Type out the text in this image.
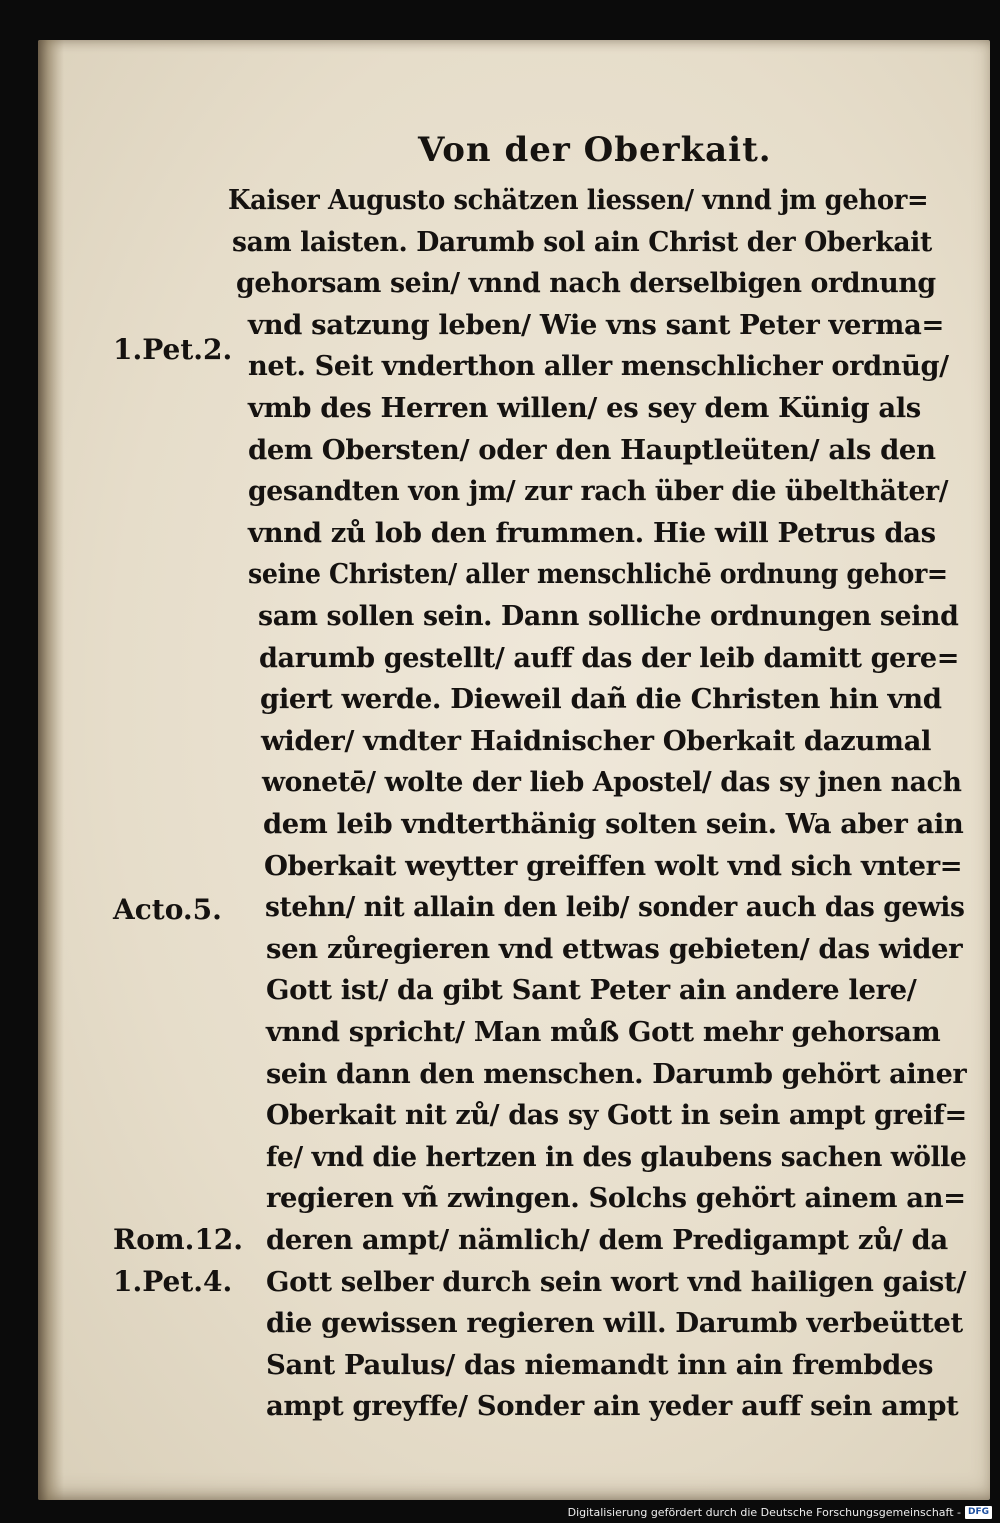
Von der Oberkait.
Kaiser Augusto schätzen liessen/ vnnd jm gehor=
sam laisten. Darumb sol ain Christ der Oberkait
gehorsam sein/ vnnd nach derselbigen ordnung
vnd satzung leben/ Wie vns sant Peter verma=
net. Seit vnderthon aller menschlicher ordnūg/
vmb des Herren willen/ es sey dem Künig als
dem Obersten/ oder den Hauptleüten/ als den
gesandten von jm/ zur rach über die übelthäter/
vnnd zů lob den frummen. Hie will Petrus das
seine Christen/ aller menschlichē ordnung gehor=
sam sollen sein. Dann solliche ordnungen seind
darumb gestellt/ auff das der leib damitt gere=
giert werde. Dieweil dañ die Christen hin vnd
wider/ vndter Haidnischer Oberkait dazumal
wonetē/ wolte der lieb Apostel/ das sy jnen nach
dem leib vndterthänig solten sein. Wa aber ain
Oberkait weytter greiffen wolt vnd sich vnter=
stehn/ nit allain den leib/ sonder auch das gewis
sen zůregieren vnd ettwas gebieten/ das wider
Gott ist/ da gibt Sant Peter ain andere lere/
vnnd spricht/ Man můß Gott mehr gehorsam
sein dann den menschen. Darumb gehört ainer
Oberkait nit zů/ das sy Gott in sein ampt greif=
fe/ vnd die hertzen in des glaubens sachen wölle
regieren vñ zwingen. Solchs gehört ainem an=
deren ampt/ nämlich/ dem Predigampt zů/ da
Gott selber durch sein wort vnd hailigen gaist/
die gewissen regieren will. Darumb verbeüttet
Sant Paulus/ das niemandt inn ain frembdes
ampt greyffe/ Sonder ain yeder auff sein ampt
1.Pet.2.
Acto.5.
Rom.12.
1.Pet.4.
Digitalisierung gefördert durch die Deutsche Forschungsgemeinschaft - DFG
